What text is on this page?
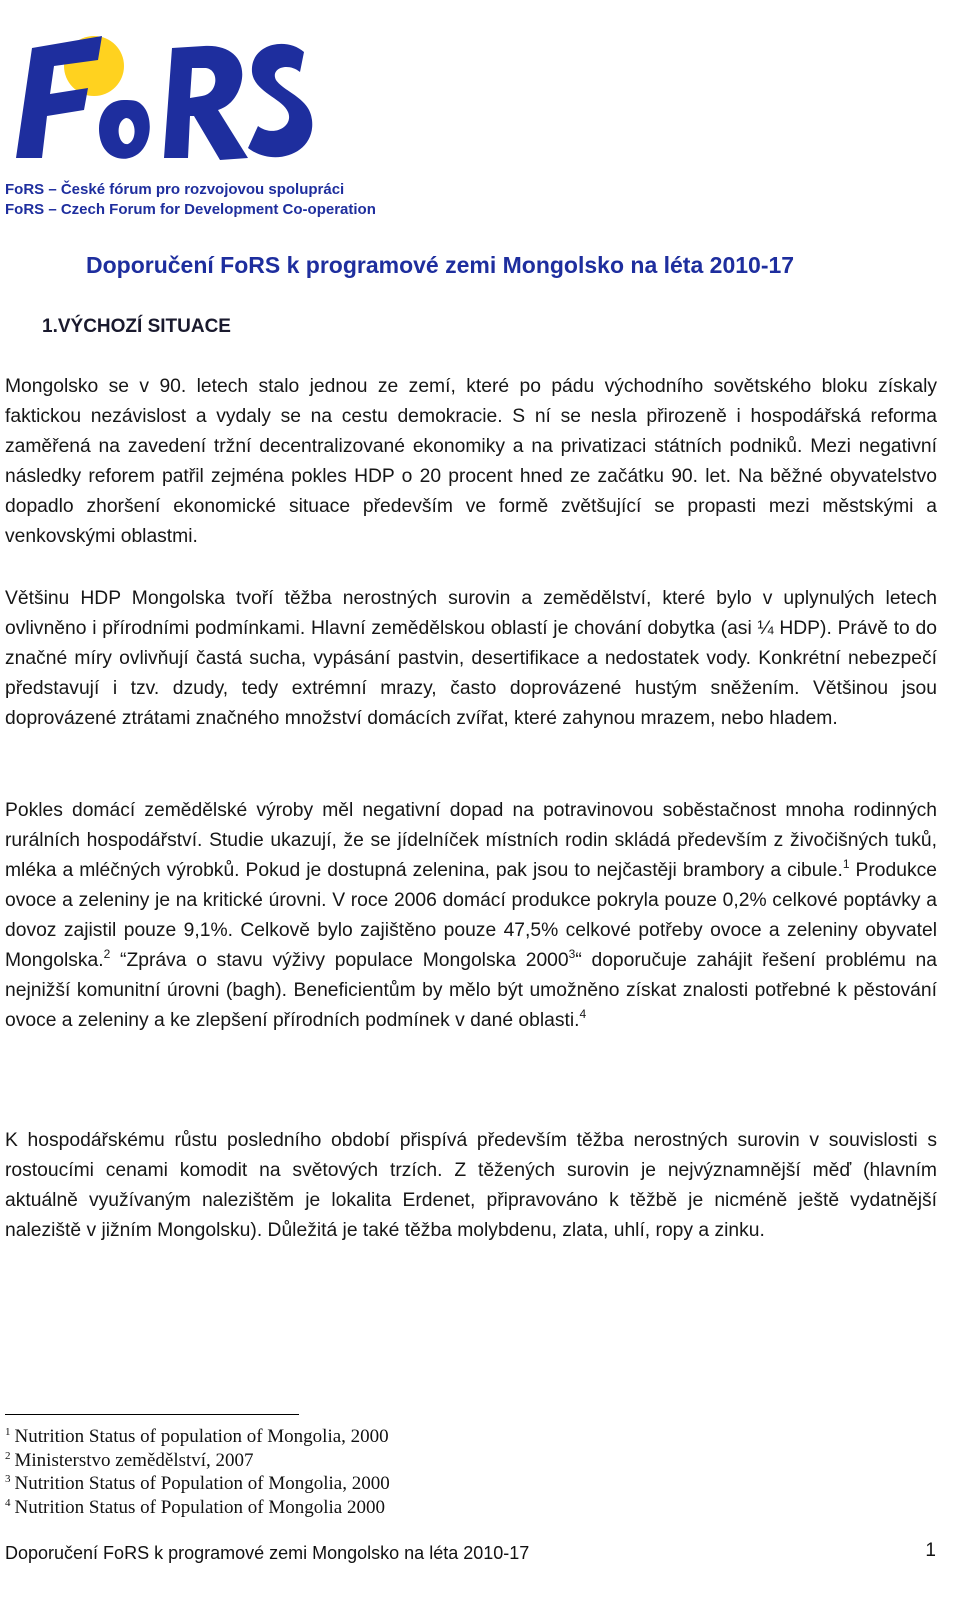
FoRS – České fórum pro rozvojovou spolupráci
FoRS – Czech Forum for Development Co-operation
Doporučení FoRS k programové zemi Mongolsko na léta 2010-17
1.VÝCHOZÍ SITUACE

Mongolsko se v 90. letech stalo jednou ze zemí, které po pádu východního sovětského bloku získaly faktickou nezávislost a vydaly se na cestu demokracie. S ní se nesla přirozeně i hospodářská reforma zaměřená na zavedení tržní decentralizované ekonomiky a na privatizaci státních podniků. Mezi negativní následky reforem patřil zejména pokles HDP o 20 procent hned ze začátku 90. let. Na běžné obyvatelstvo dopadlo zhoršení ekonomické situace především ve formě zvětšující se propasti mezi městskými a venkovskými oblastmi.

Většinu HDP Mongolska tvoří těžba nerostných surovin a zemědělství, které bylo v uplynulých letech ovlivněno i přírodními podmínkami. Hlavní zemědělskou oblastí je chování dobytka (asi ¼ HDP). Právě to do značné míry ovlivňují častá sucha, vypásání pastvin, desertifikace a nedostatek vody. Konkrétní nebezpečí představují i tzv. dzudy, tedy extrémní mrazy, často doprovázené hustým sněžením. Většinou jsou doprovázené ztrátami značného množství domácích zvířat, které zahynou mrazem, nebo hladem.

Pokles domácí zemědělské výroby měl negativní dopad na potravinovou soběstačnost mnoha rodinných rurálních hospodářství. Studie ukazují, že se jídelníček místních rodin skládá především z živočišných tuků, mléka a mléčných výrobků. Pokud je dostupná zelenina, pak jsou to nejčastěji brambory a cibule.$^1$ Produkce ovoce a zeleniny je na kritické úrovni. V roce 2006 domácí produkce pokryla pouze 0,2% celkové poptávky a dovoz zajistil pouze 9,1%. Celkově bylo zajištěno pouze 47,5% celkové potřeby ovoce a zeleniny obyvatel Mongolska.$^2$ “Zpráva o stavu výživy populace Mongolska 2000$^3$“ doporučuje zahájit řešení problému na nejnižší komunitní úrovni (bagh). Beneficientům by mělo být umožněno získat znalosti potřebné k pěstování ovoce a zeleniny a ke zlepšení přírodních podmínek v dané oblasti.$^4$

K hospodářskému růstu posledního období přispívá především těžba nerostných surovin v souvislosti s rostoucími cenami komodit na světových trzích. Z těžených surovin je nejvýznamnější měď (hlavním aktuálně využívaným nalezištěm je lokalita Erdenet, připravováno k těžbě je nicméně ještě vydatnější naleziště v jižním Mongolsku). Důležitá je také těžba molybdenu, zlata, uhlí, ropy a zinku.

$^1$ Nutrition Status of population of Mongolia, 2000
$^2$ Ministerstvo zemědělství, 2007
$^3$ Nutrition Status of Population of Mongolia, 2000
$^4$ Nutrition Status of Population of Mongolia 2000
Doporučení FoRS k programové zemi Mongolsko na léta 2010-17	1
